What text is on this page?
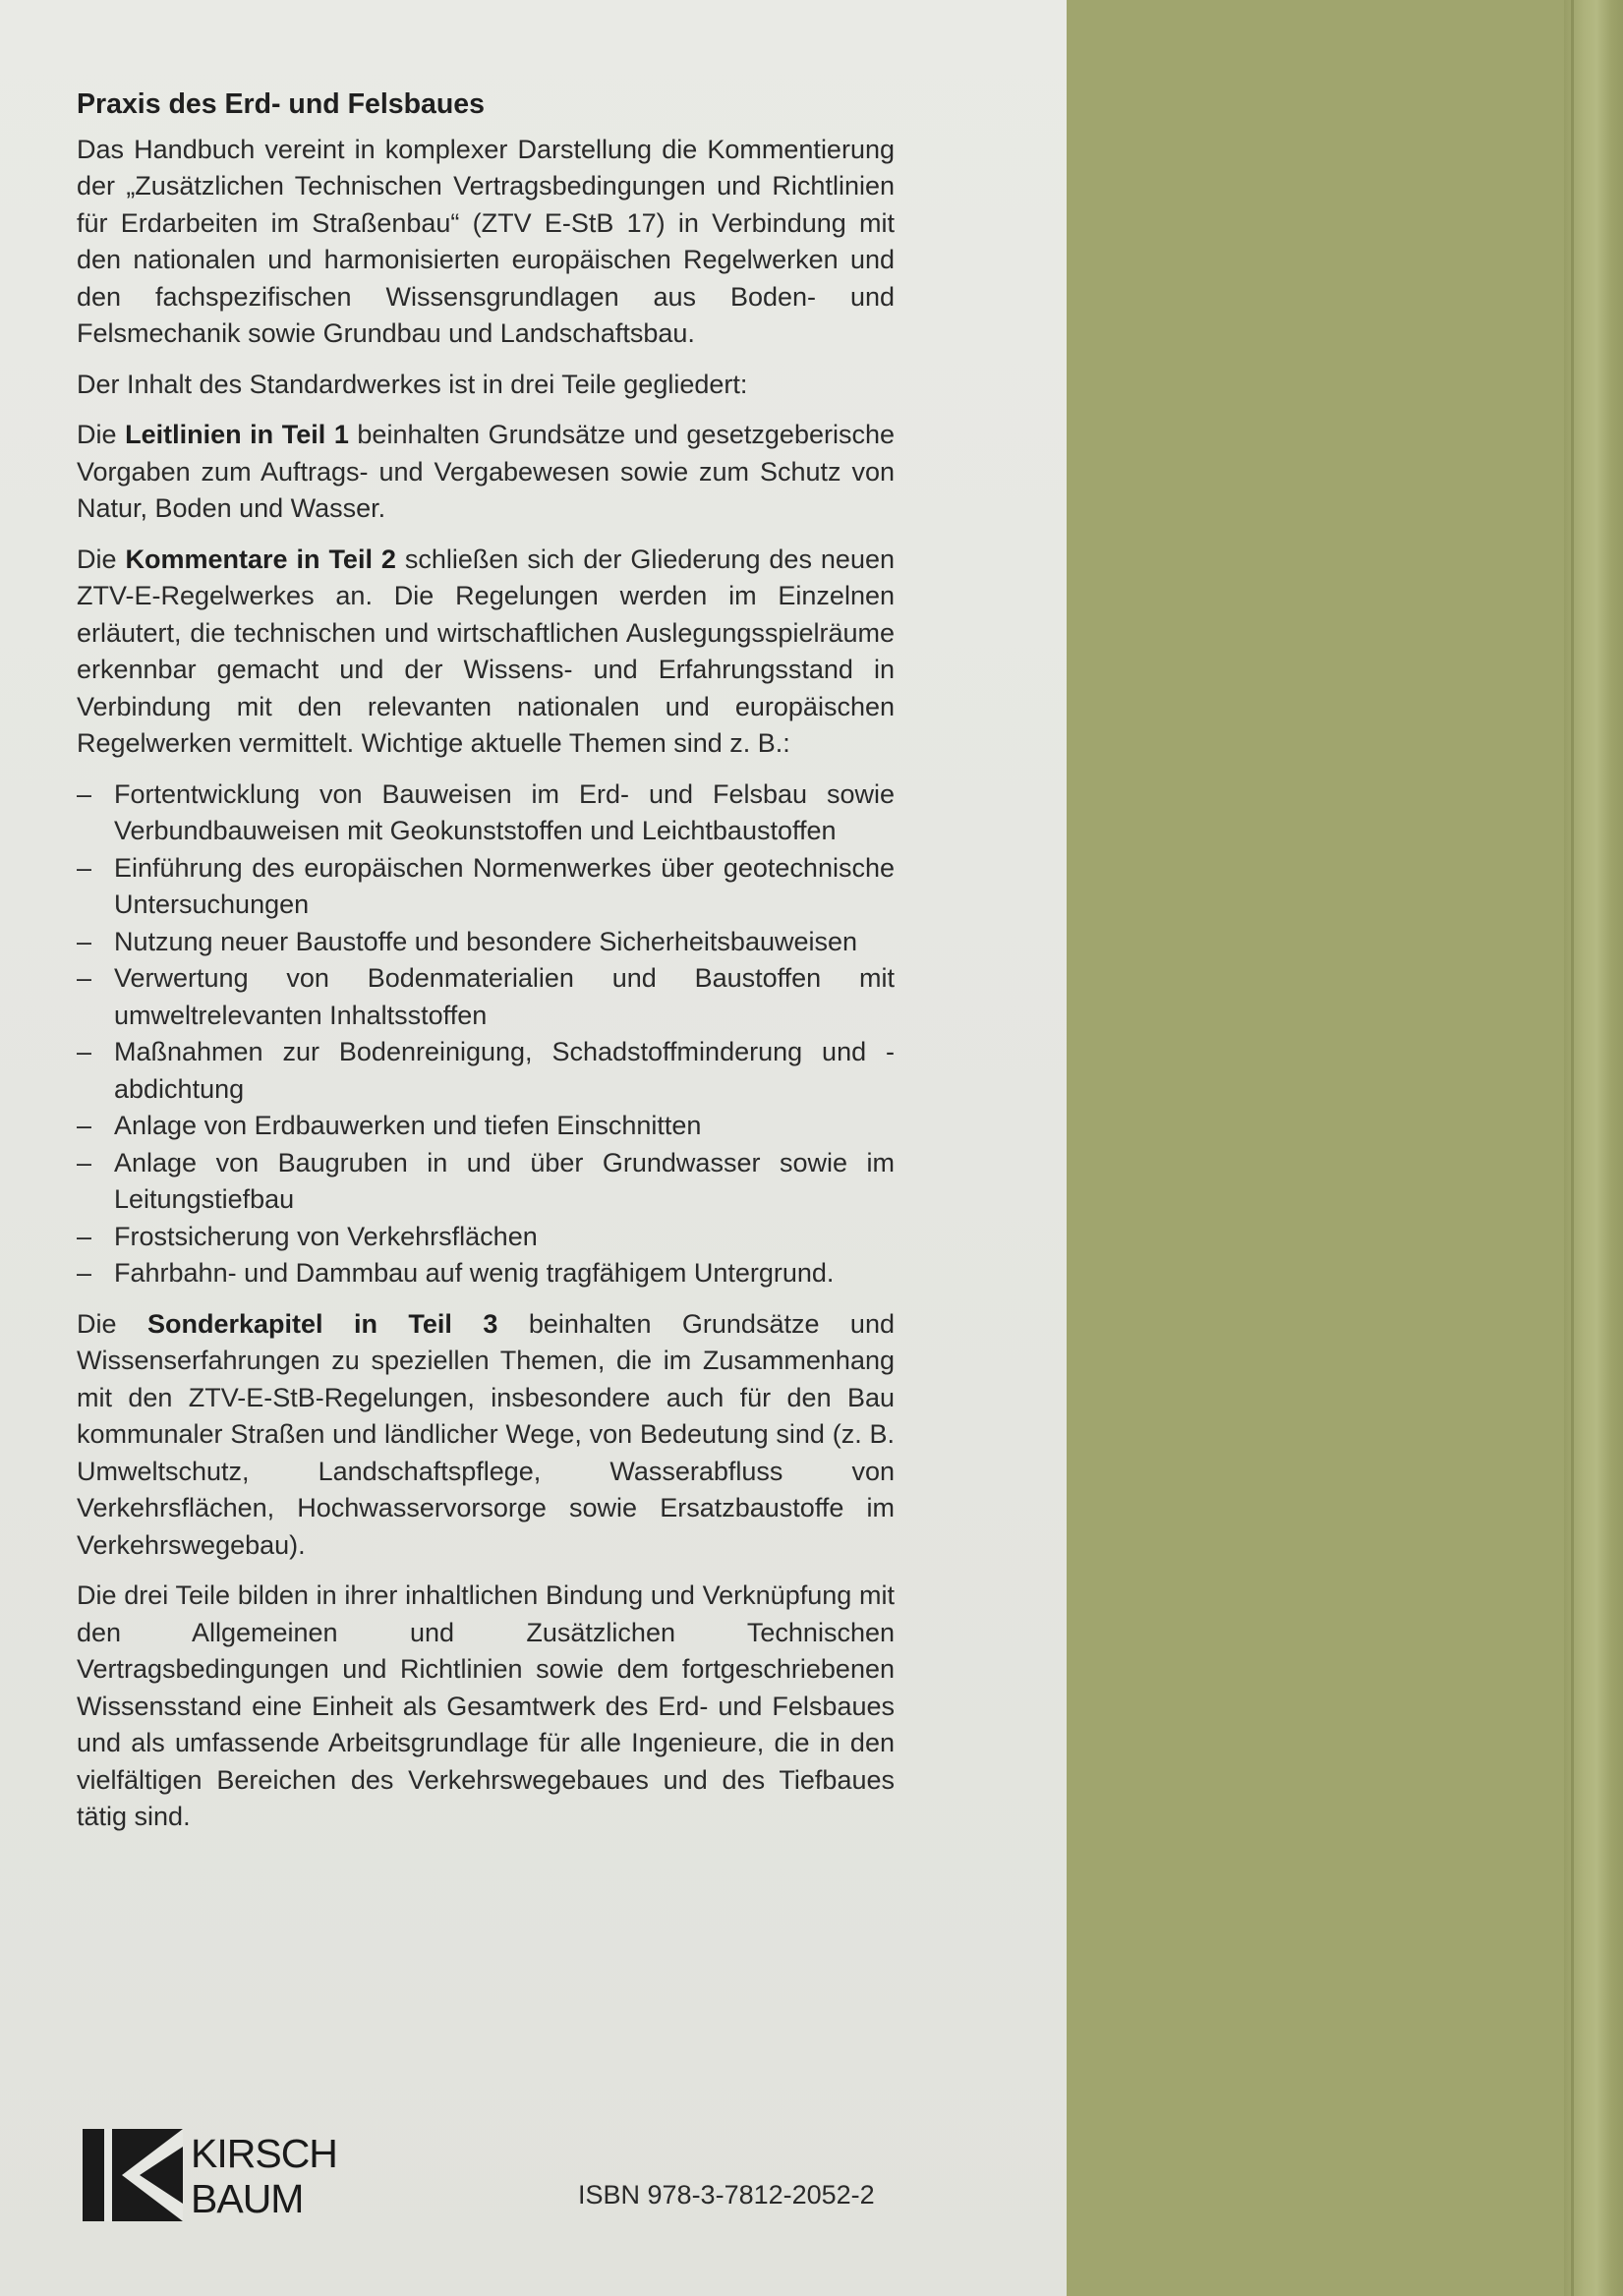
Praxis des Erd- und Felsbaues

Das Handbuch vereint in komplexer Darstellung die Kommentierung der „Zusätzlichen Technischen Vertragsbedingungen und Richtlinien für Erdarbeiten im Straßenbau“ (ZTV E-StB 17) in Verbindung mit den nationalen und harmonisierten europäischen Regelwerken und den fachspezifischen Wissensgrundlagen aus Boden- und Felsmechanik sowie Grundbau und Landschaftsbau.

Der Inhalt des Standardwerkes ist in drei Teile gegliedert:

Die Leitlinien in Teil 1 beinhalten Grundsätze und gesetzgeberische Vorgaben zum Auftrags- und Vergabewesen sowie zum Schutz von Natur, Boden und Wasser.

Die Kommentare in Teil 2 schließen sich der Gliederung des neuen ZTV-E-Regelwerkes an. Die Regelungen werden im Einzelnen erläutert, die technischen und wirtschaftlichen Auslegungsspielräume erkennbar gemacht und der Wissens- und Erfahrungsstand in Verbindung mit den relevanten nationalen und europäischen Regelwerken vermittelt. Wichtige aktuelle Themen sind z. B.:

– Fortentwicklung von Bauweisen im Erd- und Felsbau sowie Verbundbauweisen mit Geokunststoffen und Leichtbaustoffen
– Einführung des europäischen Normenwerkes über geotechnische Untersuchungen
– Nutzung neuer Baustoffe und besondere Sicherheitsbauweisen
– Verwertung von Bodenmaterialien und Baustoffen mit umweltrelevanten Inhaltsstoffen
– Maßnahmen zur Bodenreinigung, Schadstoffminderung und -abdichtung
– Anlage von Erdbauwerken und tiefen Einschnitten
– Anlage von Baugruben in und über Grundwasser sowie im Leitungstiefbau
– Frostsicherung von Verkehrsflächen
– Fahrbahn- und Dammbau auf wenig tragfähigem Untergrund.

Die Sonderkapitel in Teil 3 beinhalten Grundsätze und Wissenserfahrungen zu speziellen Themen, die im Zusammenhang mit den ZTV-E-StB-Regelungen, insbesondere auch für den Bau kommunaler Straßen und ländlicher Wege, von Bedeutung sind (z. B. Umweltschutz, Landschaftspflege, Wasserabfluss von Verkehrsflächen, Hochwasservorsorge sowie Ersatzbaustoffe im Verkehrswegebau).

Die drei Teile bilden in ihrer inhaltlichen Bindung und Verknüpfung mit den Allgemeinen und Zusätzlichen Technischen Vertragsbedingungen und Richtlinien sowie dem fortgeschriebenen Wissensstand eine Einheit als Gesamtwerk des Erd- und Felsbaues und als umfassende Arbeitsgrundlage für alle Ingenieure, die in den vielfältigen Bereichen des Verkehrswegebaues und des Tiefbaues tätig sind.

KIRSCH
BAUM	ISBN 978-3-7812-2052-2
